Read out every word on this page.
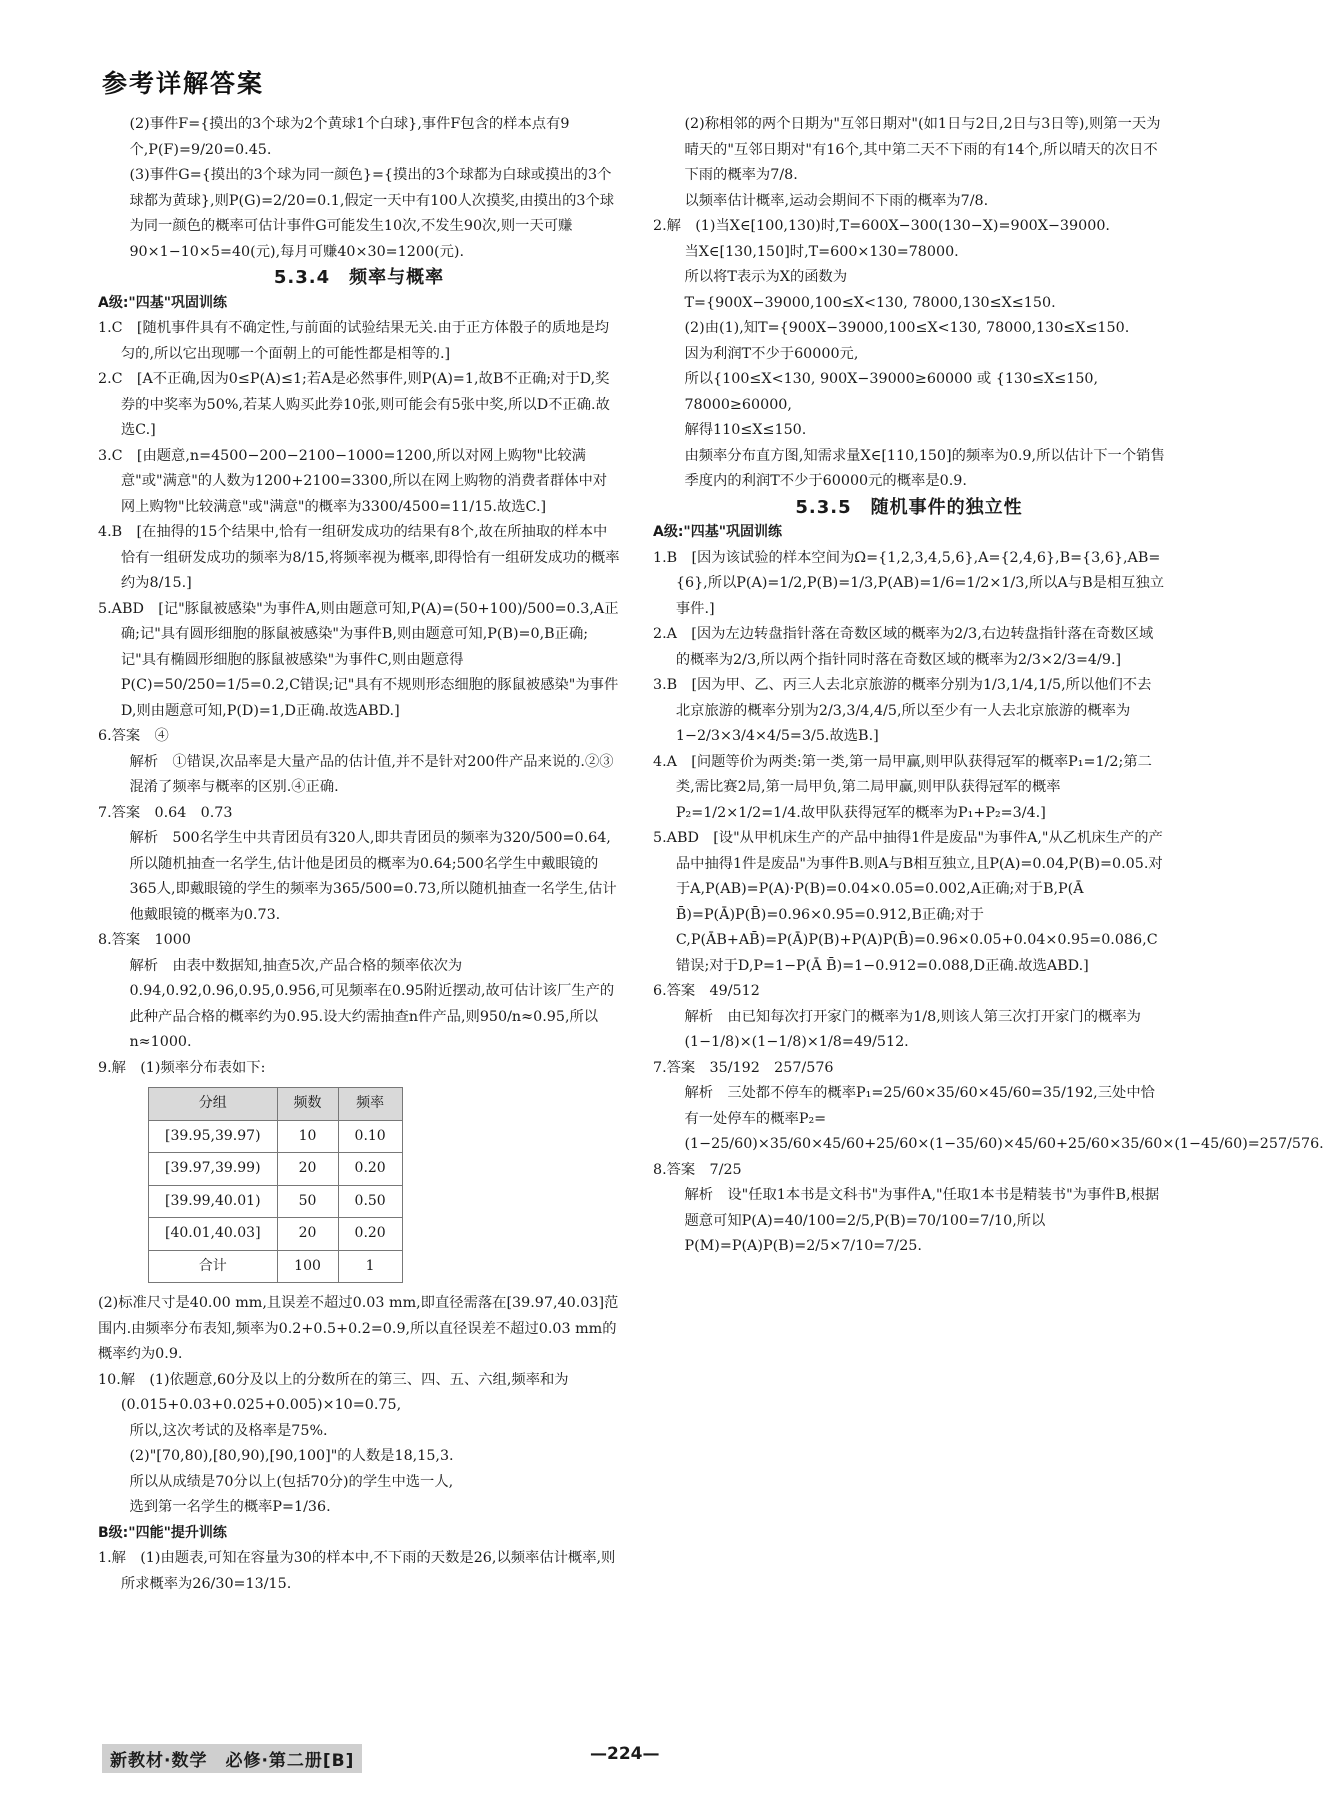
参考详解答案

(2)事件F={摸出的3个球为2个黄球1个白球},事件F包含的样本点有9个,P(F)=9/20=0.45.

(3)事件G={摸出的3个球为同一颜色}={摸出的3个球都为白球或摸出的3个球都为黄球},则P(G)=2/20=0.1,假定一天中有100人次摸奖,由摸出的3个球为同一颜色的概率可估计事件G可能发生10次,不发生90次,则一天可赚90×1−10×5=40(元),每月可赚40×30=1200(元).

5.3.4　频率与概率

A级:"四基"巩固训练

1.C　[随机事件具有不确定性,与前面的试验结果无关.由于正方体骰子的质地是均匀的,所以它出现哪一个面朝上的可能性都是相等的.]

2.C　[A不正确,因为0≤P(A)≤1;若A是必然事件,则P(A)=1,故B不正确;对于D,奖券的中奖率为50%,若某人购买此券10张,则可能会有5张中奖,所以D不正确.故选C.]

3.C　[由题意,n=4500−200−2100−1000=1200,所以对网上购物"比较满意"或"满意"的人数为1200+2100=3300,所以在网上购物的消费者群体中对网上购物"比较满意"或"满意"的概率为3300/4500=11/15.故选C.]

4.B　[在抽得的15个结果中,恰有一组研发成功的结果有8个,故在所抽取的样本中恰有一组研发成功的频率为8/15,将频率视为概率,即得恰有一组研发成功的概率约为8/15.]

5.ABD　[记"豚鼠被感染"为事件A,则由题意可知,P(A)=(50+100)/500=0.3,A正确;记"具有圆形细胞的豚鼠被感染"为事件B,则由题意可知,P(B)=0,B正确;记"具有椭圆形细胞的豚鼠被感染"为事件C,则由题意得P(C)=50/250=1/5=0.2,C错误;记"具有不规则形态细胞的豚鼠被感染"为事件D,则由题意可知,P(D)=1,D正确.故选ABD.]

6.答案　④

解析　①错误,次品率是大量产品的估计值,并不是针对200件产品来说的.②③混淆了频率与概率的区别.④正确.

7.答案　0.64　0.73

解析　500名学生中共青团员有320人,即共青团员的频率为320/500=0.64,所以随机抽查一名学生,估计他是团员的概率为0.64;500名学生中戴眼镜的365人,即戴眼镜的学生的频率为365/500=0.73,所以随机抽查一名学生,估计他戴眼镜的概率为0.73.

8.答案　1000

解析　由表中数据知,抽查5次,产品合格的频率依次为0.94,0.92,0.96,0.95,0.956,可见频率在0.95附近摆动,故可估计该厂生产的此种产品合格的概率约为0.95.设大约需抽查n件产品,则950/n≈0.95,所以n≈1000.

9.解　(1)频率分布表如下:

分组	频数	频率
[39.95,39.97)	10	0.10
[39.97,39.99)	20	0.20
[39.99,40.01)	50	0.50
[40.01,40.03]	20	0.20
合计	100	1

(2)标准尺寸是40.00 mm,且误差不超过0.03 mm,即直径需落在[39.97,40.03]范围内.由频率分布表知,频率为0.2+0.5+0.2=0.9,所以直径误差不超过0.03 mm的概率约为0.9.

10.解　(1)依题意,60分及以上的分数所在的第三、四、五、六组,频率和为(0.015+0.03+0.025+0.005)×10=0.75,

所以,这次考试的及格率是75%.

(2)"[70,80),[80,90),[90,100]"的人数是18,15,3.

所以从成绩是70分以上(包括70分)的学生中选一人,

选到第一名学生的概率P=1/36.

B级:"四能"提升训练

1.解　(1)由题表,可知在容量为30的样本中,不下雨的天数是26,以频率估计概率,则所求概率为26/30=13/15.

(2)称相邻的两个日期为"互邻日期对"(如1日与2日,2日与3日等),则第一天为晴天的"互邻日期对"有16个,其中第二天不下雨的有14个,所以晴天的次日不下雨的概率为7/8.

以频率估计概率,运动会期间不下雨的概率为7/8.

2.解　(1)当X∈[100,130)时,T=600X−300(130−X)=900X−39000.

当X∈[130,150]时,T=600×130=78000.

所以将T表示为X的函数为

T={900X−39000,100≤X<130, 78000,130≤X≤150.

(2)由(1),知T={900X−39000,100≤X<130, 78000,130≤X≤150.

因为利润T不少于60000元,

所以{100≤X<130, 900X−39000≥60000 或 {130≤X≤150, 78000≥60000,

解得110≤X≤150.

由频率分布直方图,知需求量X∈[110,150]的频率为0.9,所以估计下一个销售季度内的利润T不少于60000元的概率是0.9.

5.3.5　随机事件的独立性

A级:"四基"巩固训练

1.B　[因为该试验的样本空间为Ω={1,2,3,4,5,6},A={2,4,6},B={3,6},AB={6},所以P(A)=1/2,P(B)=1/3,P(AB)=1/6=1/2×1/3,所以A与B是相互独立事件.]

2.A　[因为左边转盘指针落在奇数区域的概率为2/3,右边转盘指针落在奇数区域的概率为2/3,所以两个指针同时落在奇数区域的概率为2/3×2/3=4/9.]

3.B　[因为甲、乙、丙三人去北京旅游的概率分别为1/3,1/4,1/5,所以他们不去北京旅游的概率分别为2/3,3/4,4/5,所以至少有一人去北京旅游的概率为1−2/3×3/4×4/5=3/5.故选B.]

4.A　[问题等价为两类:第一类,第一局甲赢,则甲队获得冠军的概率P₁=1/2;第二类,需比赛2局,第一局甲负,第二局甲赢,则甲队获得冠军的概率P₂=1/2×1/2=1/4.故甲队获得冠军的概率为P₁+P₂=3/4.]

5.ABD　[设"从甲机床生产的产品中抽得1件是废品"为事件A,"从乙机床生产的产品中抽得1件是废品"为事件B.则A与B相互独立,且P(A)=0.04,P(B)=0.05.对于A,P(AB)=P(A)·P(B)=0.04×0.05=0.002,A正确;对于B,P(Ā B̄)=P(Ā)P(B̄)=0.96×0.95=0.912,B正确;对于C,P(ĀB+AB̄)=P(Ā)P(B)+P(A)P(B̄)=0.96×0.05+0.04×0.95=0.086,C错误;对于D,P=1−P(Ā B̄)=1−0.912=0.088,D正确.故选ABD.]

6.答案　49/512

解析　由已知每次打开家门的概率为1/8,则该人第三次打开家门的概率为(1−1/8)×(1−1/8)×1/8=49/512.

7.答案　35/192　257/576

解析　三处都不停车的概率P₁=25/60×35/60×45/60=35/192,三处中恰有一处停车的概率P₂=(1−25/60)×35/60×45/60+25/60×(1−35/60)×45/60+25/60×35/60×(1−45/60)=257/576.

8.答案　7/25

解析　设"任取1本书是文科书"为事件A,"任取1本书是精装书"为事件B,根据题意可知P(A)=40/100=2/5,P(B)=70/100=7/10,所以P(M)=P(A)P(B)=2/5×7/10=7/25.

新教材·数学　必修·第二册[B]	—224—
